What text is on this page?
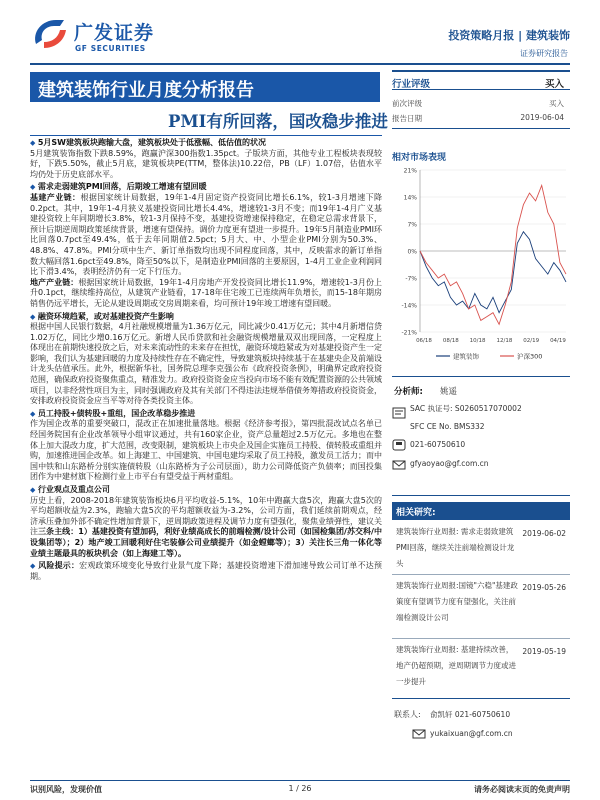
广发证券
GF SECURITIES
投资策略月报 | 建筑装饰
证券研究报告
建筑装饰行业月度分析报告
PMI有所回落，国改稳步推进

◆ 5月SW建筑板块跑输大盘，建筑板块处于低涨幅、低估值的状况

5月建筑装饰指数下跌8.59%，跑赢沪深300指数1.35pct。子版块方面，其他专业工程板块表现较好，下跌5.50%，截止5月底，建筑板块PE(TTM，整体法)10.22倍，PB（LF）1.07倍，估值水平均仍处于历史底部水平。

◆ 需求走弱建筑PMI回落，后期竣工增速有望回暖

基建产业链：根据国家统计局数据，19年1-4月固定资产投资同比增长6.1%，较1-3月增速下降0.2pct。其中，19年1-4月狭义基建投资同比增长4.4%，增速较1-3月不变；而19年1-4月广义基建投资较上年同期增长3.8%，较1-3月保持不变，基建投资增速保持稳定，在稳定总需求背景下，预计后期逆周期政策延续背景，增速有望保持。调价力度更有望进一步提升。19年5月制造业PMI环比回落0.7pct至49.4%，低于去年同期值2.5pct；5月大、中、小型企业PMI分别为50.3%、48.8%、47.8%。PMI分项中生产、新订单指数均出现不同程度回落，其中，反映需求的新订单指数大幅回落1.6pct至49.8%，降至50%以下，是制造业PMI回落的主要原因，1-4月工业企业利润同比下滑3.4%，表明经济仍有一定下行压力。

地产产业链：根据国家统计局数据，19年1-4月房地产开发投资同比增长11.9%，增速较1-3月份上升0.1pct，继续维持高位，从建筑产业链看，17-18年住宅竣工已连续两年负增长，而15-18年期房销售仍远平增长，无论从建设周期或交房周期来看，均可预计19年竣工增速有望回暖。

◆ 融资环境趋紧，或对基建投资产生影响

根据中国人民银行数据，4月社融规模增量为1.36万亿元，同比减少0.41万亿元；其中4月新增信贷1.02万亿，同比少增0.16万亿元。新增人民币贷款和社会融资规模增量双双出现回落，一定程度上体现出在前期快速投放之后，对未来流动性的未来存在担忧，融资环境趋紧或为对基建投资产生一定影响，我们认为基建回暖的力度及持续性存在不确定性，导致建筑板块持续基于在基建央企及前端设计龙头估值承压。此外，根据新华社，国务院总理李克强公布《政府投资条例》，明确界定政府投资范围，确保政府投资聚焦重点，精准发力。政府投资资金应当投向市场不能有效配置资源的公共领域项目，以非经营性项目为主，同时强调政府及其有关部门不得违法违规举借债务筹措政府投资资金，安排政府投资资金应当平等对待各类投资主体。

◆ 员工持股+债转股+重组，国企改革稳步推进

作为国企改革的重要突破口，混改正在加速批量落地。根据《经济参考报》，第四批混改试点名单已经国务院国有企业改革领导小组审议通过，共有160家企业，资产总量超过2.5万亿元。多地也在整体上加大混改力度，扩大范围，改变限制，建筑板块上市央企及国企实施员工持股、债转股或重组并购，加速推进国企改革。如上海建工、中国建筑、中国电建均采取了员工持股，激发员工活力；而中国中铁和山东路桥分别实施债转股（山东路桥为子公司层面），助力公司降低资产负债率；而国投集团作为中建材旗下检测行业上市平台有望受益于两材重组。

◆ 行业观点及重点公司

历史上看，2008-2018年建筑装饰板块6月平均收益-5.1%，10年中跑赢大盘5次，跑赢大盘5次的平均超额收益为2.3%，跑输大盘5次的平均超额收益为-3.2%，公司方面，我们延续前期观点，经济承压叠加外部不确定性增加背景下，逆周期政策进程及调节力度有望强化，聚焦业绩弹性，建议关注三条主线：1）基建投资有望加码，利好业绩高成长的前端检测/设计公司（如国检集团/苏交科/中设集团等）；2）地产竣工回暖利好住宅装修公司业绩提升（如金螳螂等）；3）关注长三角一体化等业绩主题最具的板块机会（如上海建工等）。

◆ 风险提示：宏观政策环境变化导致行业景气度下降；基建投资增速下滑加速导致公司订单不达预期。

行业评级	买入
前次评级	买入
报告日期	2019-06-04
相对市场表现
21%
14%
7%
0%
-7%
-14%
-21%
06/18 08/18 10/18 12/18 02/19 04/19
建筑装饰	沪深300
分析师: 姚遥
SAC 执证号: S0260517070002
SFC CE No. BMS332
021-60750610
gfyaoyao@gf.com.cn
相关研究:
建筑装饰行业周报: 需求走弱致建筑PMI回落，继续关注前端检测设计龙头
2019-06-02
建筑装饰行业周报:国镜"六稳"基建政策度有望调节力度有望强化，关注前端检测设计公司
2019-05-26
建筑装饰行业周报: 基建持续改善，地产仍超预期，逆周期调节力度或进一步提升
2019-05-19
联系人: 俞凯轩 021-60750610
yukaixuan@gf.com.cn
识别风险，发现价值	1 / 26	请务必阅读末页的免责声明
